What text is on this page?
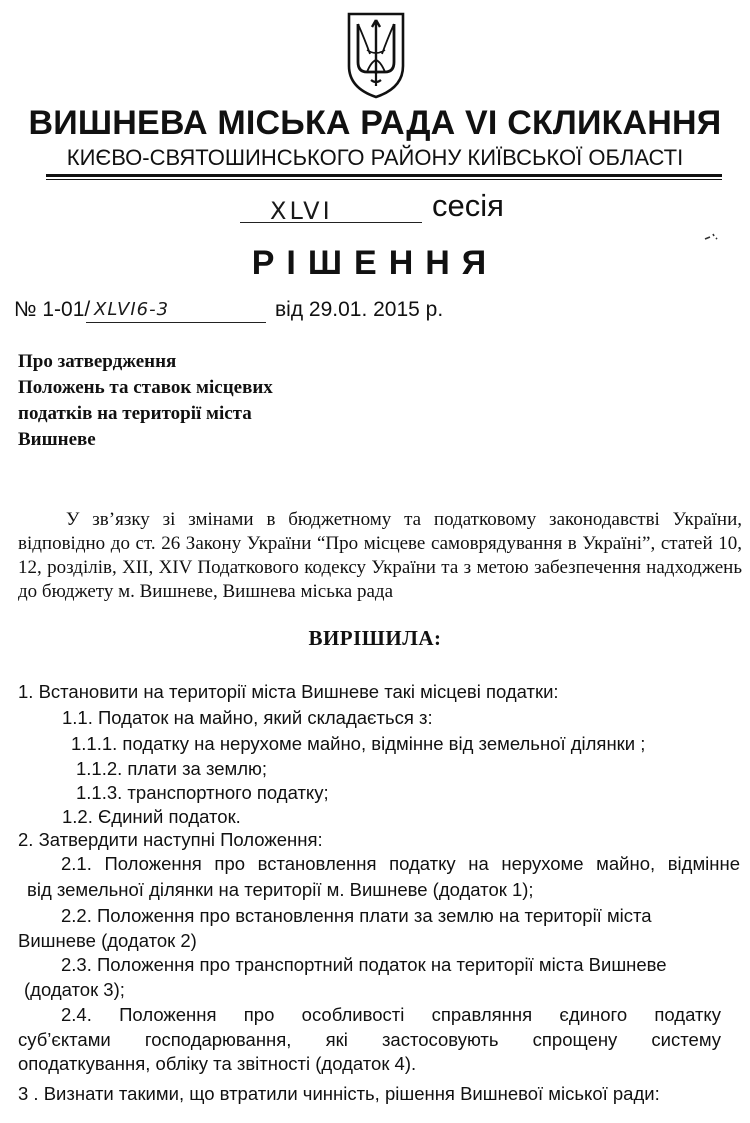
ВИШНЕВА МІСЬКА РАДА VI СКЛИКАННЯ
КИЄВО-СВЯТОШИНСЬКОГО РАЙОНУ КИЇВСЬКОЇ ОБЛАСТІ
XLVI	сесія
РІШЕННЯ
№ 1-01/ XLVI6-3	від 29.01. 2015 р.
Про затвердження
Положень та ставок місцевих
податків на території міста
Вишневе
У зв’язку зі змінами в бюджетному та податковому законодавстві України, відповідно до ст. 26 Закону України “Про місцеве самоврядування в Україні”, статей 10, 12, розділів, XII, XIV Податкового кодексу України та з метою забезпечення надходжень до бюджету м. Вишневе, Вишнева міська рада
ВИРІШИЛА:
1. Встановити на території міста Вишневе такі місцеві податки:
1.1. Податок на майно, який складається з:
1.1.1. податку на нерухоме майно, відмінне від земельної ділянки ;
1.1.2. плати за землю;
1.1.3. транспортного податку;
1.2. Єдиний податок.
2. Затвердити наступні Положення:
2.1. Положення про встановлення податку на нерухоме майно, відмінне
від земельної ділянки на території м. Вишневе (додаток 1);
2.2. Положення про встановлення плати за землю на території міста
Вишневе (додаток 2)
2.3. Положення про транспортний податок на території міста Вишневе
(додаток 3);
2.4. Положення про особливості справляння єдиного податку
суб’єктами господарювання, які застосовують спрощену систему
оподаткування, обліку та звітності (додаток 4).
3 . Визнати такими, що втратили чинність, рішення Вишневої міської ради:
